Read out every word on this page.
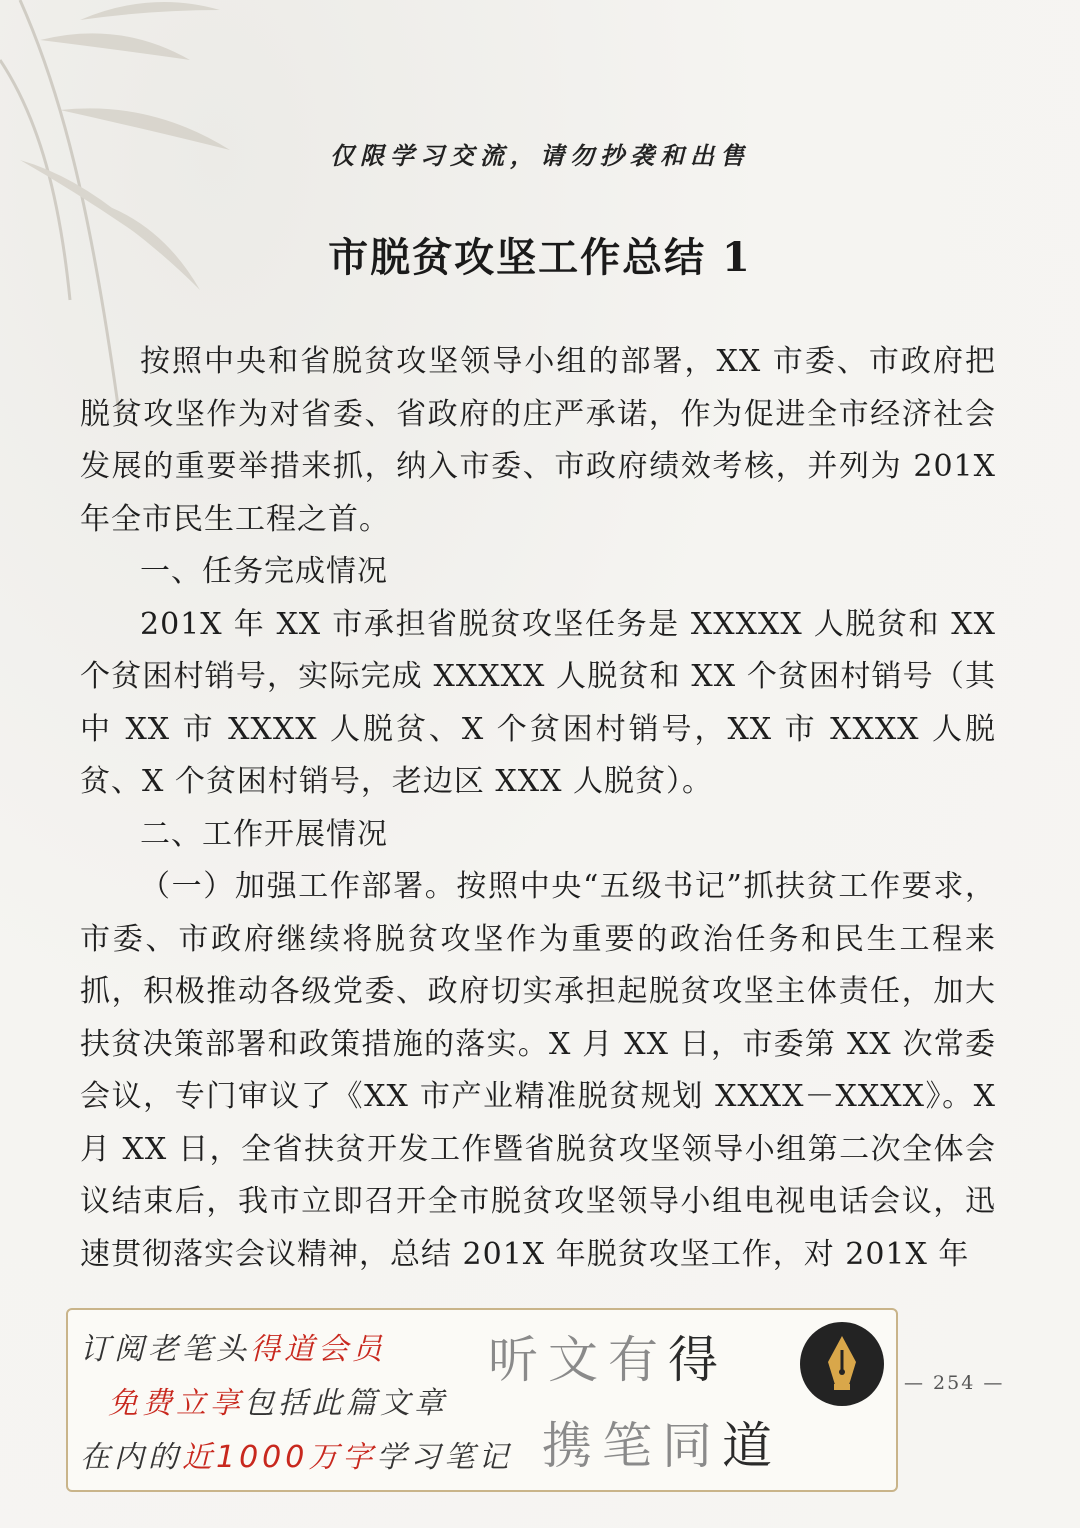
仅限学习交流，请勿抄袭和出售
市脱贫攻坚工作总结 1

按照中央和省脱贫攻坚领导小组的部署，XX 市委、市政府把脱贫攻坚作为对省委、省政府的庄严承诺，作为促进全市经济社会发展的重要举措来抓，纳入市委、市政府绩效考核，并列为 201X 年全市民生工程之首。

一、任务完成情况

201X 年 XX 市承担省脱贫攻坚任务是 XXXXX 人脱贫和 XX 个贫困村销号，实际完成 XXXXX 人脱贫和 XX 个贫困村销号（其中 XX 市 XXXX 人脱贫、X 个贫困村销号，XX 市 XXXX 人脱贫、X 个贫困村销号，老边区 XXX 人脱贫）。

二、工作开展情况

（一）加强工作部署。按照中央“五级书记”抓扶贫工作要求，市委、市政府继续将脱贫攻坚作为重要的政治任务和民生工程来抓，积极推动各级党委、政府切实承担起脱贫攻坚主体责任，加大扶贫决策部署和政策措施的落实。X 月 XX 日，市委第 XX 次常委会议，专门审议了《XX 市产业精准脱贫规划 XXXX－XXXX》。X 月 XX 日，全省扶贫开发工作暨省脱贫攻坚领导小组第二次全体会议结束后，我市立即召开全市脱贫攻坚领导小组电视电话会议，迅速贯彻落实会议精神，总结 201X 年脱贫攻坚工作，对 201X 年

订阅老笔头得道会员
免费立享包括此篇文章
在内的近1000万字学习笔记
听文有得
携笔同道
— 254 —
